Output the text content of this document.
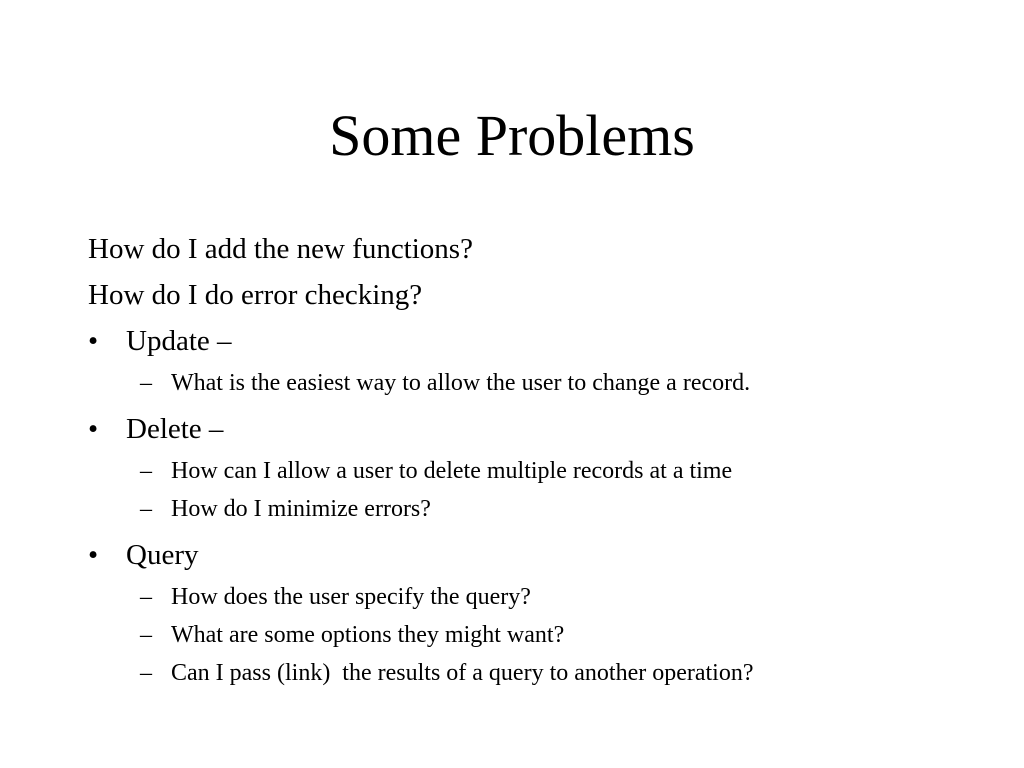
Some Problems
How do I add the new functions?
How do I do error checking?
• Update –
– What is the easiest way to allow the user to change a record.
• Delete –
– How can I allow a user to delete multiple records at a time
– How do I minimize errors?
• Query
– How does the user specify the query?
– What are some options they might want?
– Can I pass (link)  the results of a query to another operation?
